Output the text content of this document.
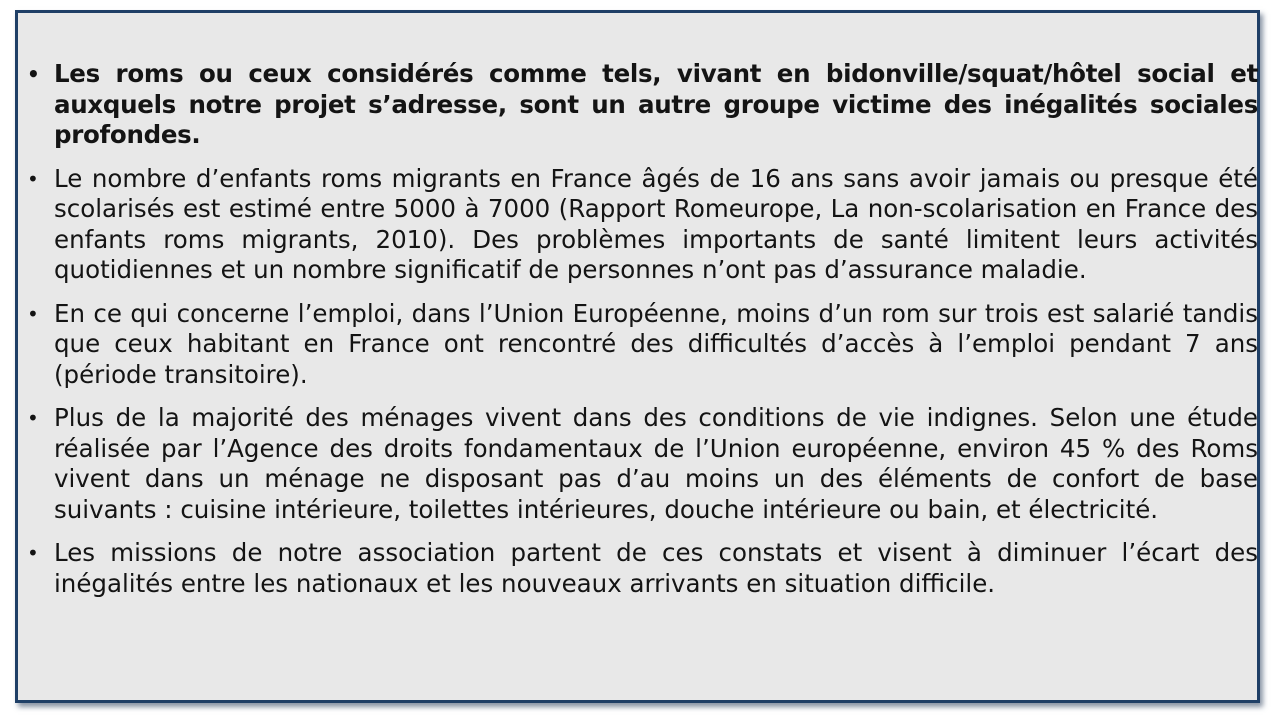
• Les roms ou ceux considérés comme tels, vivant en bidonville/squat/hôtel social et auxquels notre projet s’adresse, sont un autre groupe victime des inégalités sociales profondes.
• Le nombre d’enfants roms migrants en France âgés de 16 ans sans avoir jamais ou presque été scolarisés est estimé entre 5000 à 7000 (Rapport Romeurope, La non-scolarisation en France des enfants roms migrants, 2010). Des problèmes importants de santé limitent leurs activités quotidiennes et un nombre significatif de personnes n’ont pas d’assurance maladie.
• En ce qui concerne l’emploi, dans l’Union Européenne, moins d’un rom sur trois est salarié tandis que ceux habitant en France ont rencontré des difficultés d’accès à l’emploi pendant 7 ans (période transitoire).
• Plus de la majorité des ménages vivent dans des conditions de vie indignes. Selon une étude réalisée par l’Agence des droits fondamentaux de l’Union européenne, environ 45 % des Roms vivent dans un ménage ne disposant pas d’au moins un des éléments de confort de base suivants : cuisine intérieure, toilettes intérieures, douche intérieure ou bain, et électricité.
• Les missions de notre association partent de ces constats et visent à diminuer l’écart des inégalités entre les nationaux et les nouveaux arrivants en situation difficile.
